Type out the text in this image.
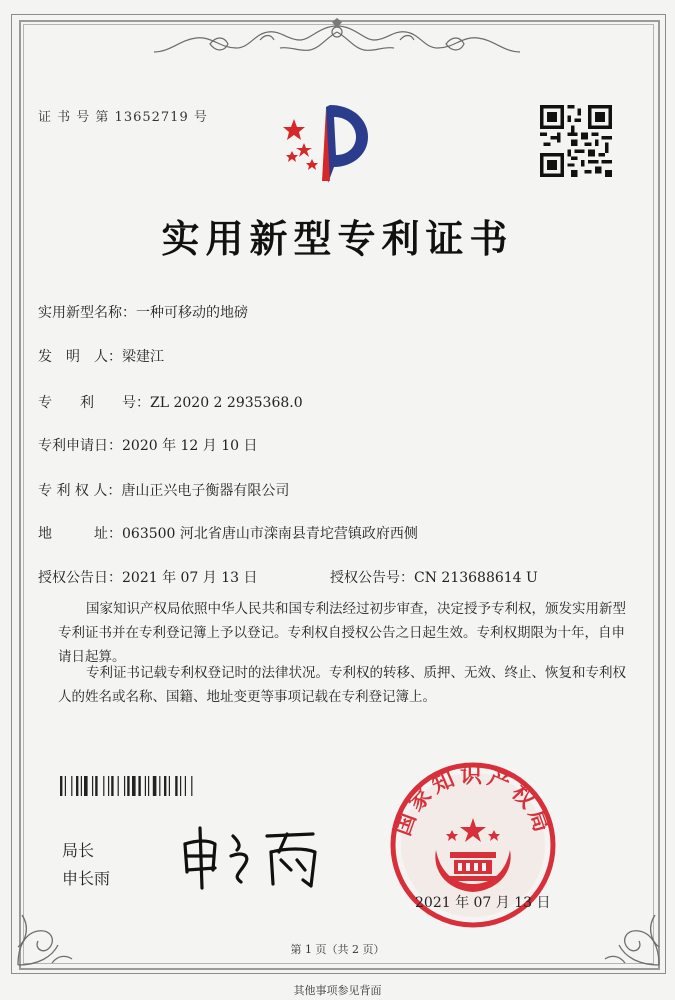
证 书 号 第 13652719 号
实用新型专利证书
实用新型名称：一种可移动的地磅
发　明　人：梁建江
专　　利　　号：ZL 2020 2 2935368.0
专利申请日：2020 年 12 月 10 日
专 利 权 人：唐山正兴电子衡器有限公司
地　　　址：063500 河北省唐山市滦南县青坨营镇政府西侧
授权公告日：2021 年 07 月 13 日	授权公告号：CN 213688614 U
国家知识产权局依照中华人民共和国专利法经过初步审查，决定授予专利权，颁发实用新型专利证书并在专利登记簿上予以登记。专利权自授权公告之日起生效。专利权期限为十年，自申请日起算。
专利证书记载专利权登记时的法律状况。专利权的转移、质押、无效、终止、恢复和专利权人的姓名或名称、国籍、地址变更等事项记载在专利登记簿上。
局长
申长雨
国家知识产权局
2021 年 07 月 13 日
第 1 页（共 2 页）
其他事项参见背面
